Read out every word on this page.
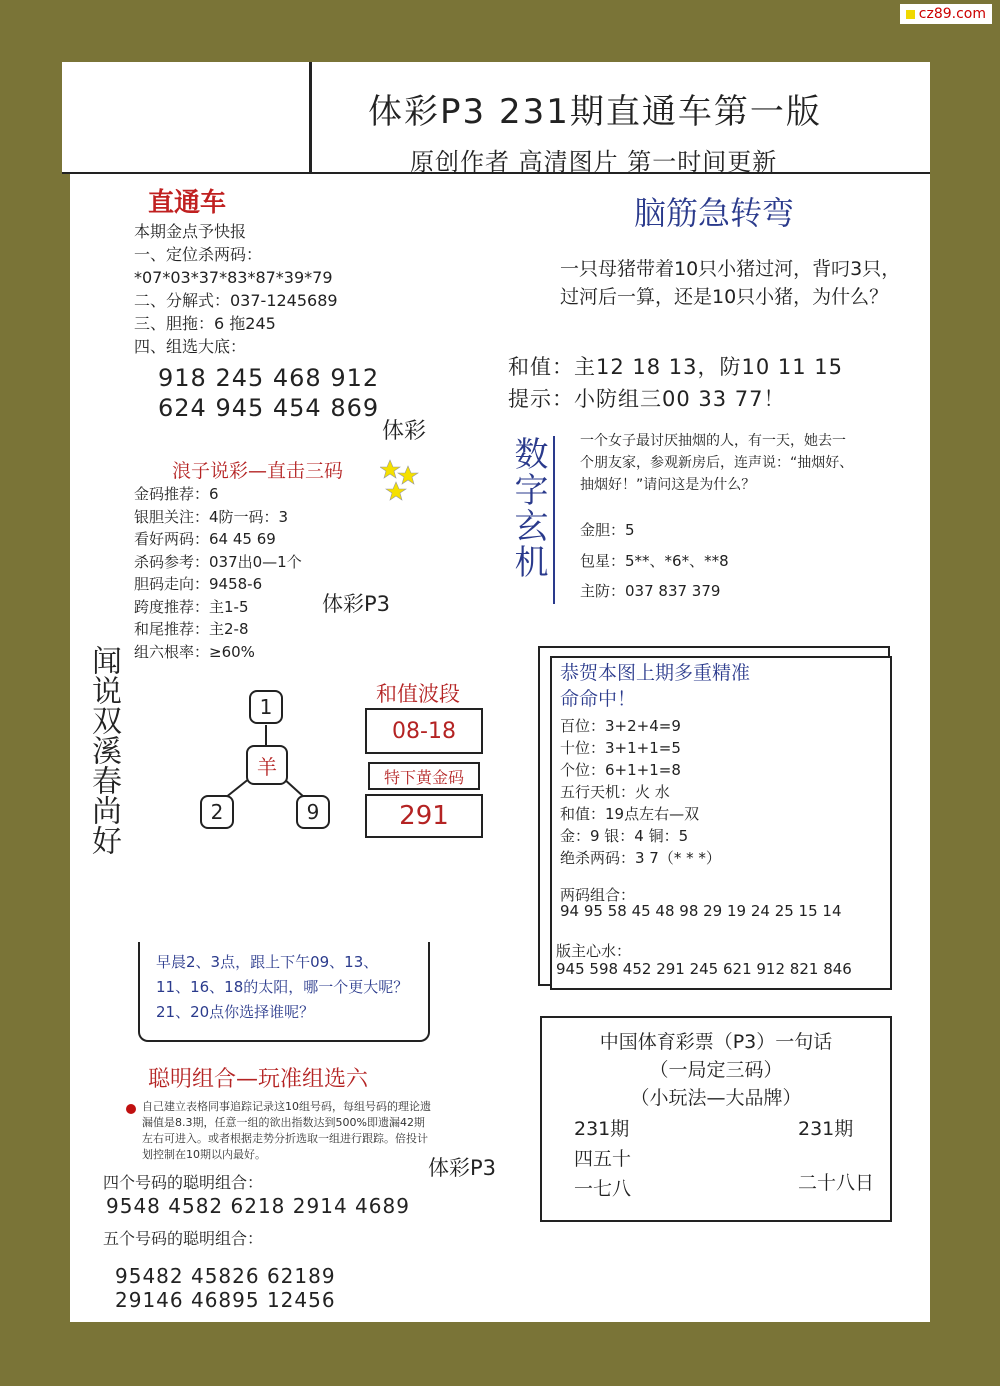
cz89.com
体彩P3 231期直通车第一版
原创作者 高清图片 第一时间更新
直通车
本期金点予快报
一、定位杀两码：
*07*03*37*83*87*39*79
二、分解式：037-1245689
三、胆拖：6 拖245
四、组选大底：
918 245 468 912
624 945 454 869
体彩
浪子说彩—直击三码
金码推荐：6
银胆关注：4防一码：3
看好两码：64 45 69
杀码参考：037出0—1个
胆码走向：9458-6
跨度推荐：主1-5
和尾推荐：主2-8
组六根率：≥60%
体彩P3
闻说双溪春尚好	1
羊
2	9
和值波段
08-18
特下黄金码
291
早晨2、3点，跟上下午09、13、
11、16、18的太阳，哪一个更大呢？
21、20点你选择谁呢？
聪明组合—玩准组选六
自己建立表格同事追踪记录这10组号码，每组号码的理论遗漏值是8.3期，任意一组的欲出指数达到500%即遗漏42期左右可进入。或者根据走势分折选取一组进行跟踪。倍投计划控制在10期以内最好。
体彩P3
四个号码的聪明组合：
9548 4582 6218 2914 4689
五个号码的聪明组合：
95482 45826 62189
29146 46895 12456
脑筋急转弯
一只母猪带着10只小猪过河，背叼3只，过河后一算，还是10只小猪，为什么？
和值：主12 18 13，防10 11 15
提示：小防组三00 33 77！
数字玄机 一个女子最讨厌抽烟的人，有一天，她去一个朋友家，参观新房后，连声说：“抽烟好、抽烟好！”请问这是为什么？
金胆：5
包星：5**、*6*、**8
主防：037 837 379
恭贺本图上期多重精准
命命中！
百位：3+2+4=9
十位：3+1+1=5
个位：6+1+1=8
五行天机：火 水
和值：19点左右—双
金：9 银：4 铜：5
绝杀两码：3 7（* * *）
两码组合：
94 95 58 45 48 98 29 19 24 25 15 14
版主心水：
945 598 452 291 245 621 912 821 846
中国体育彩票（P3）一句话
（一局定三码）
（小玩法—大品牌）
231期	231期
四五十
一七八	二十八日
